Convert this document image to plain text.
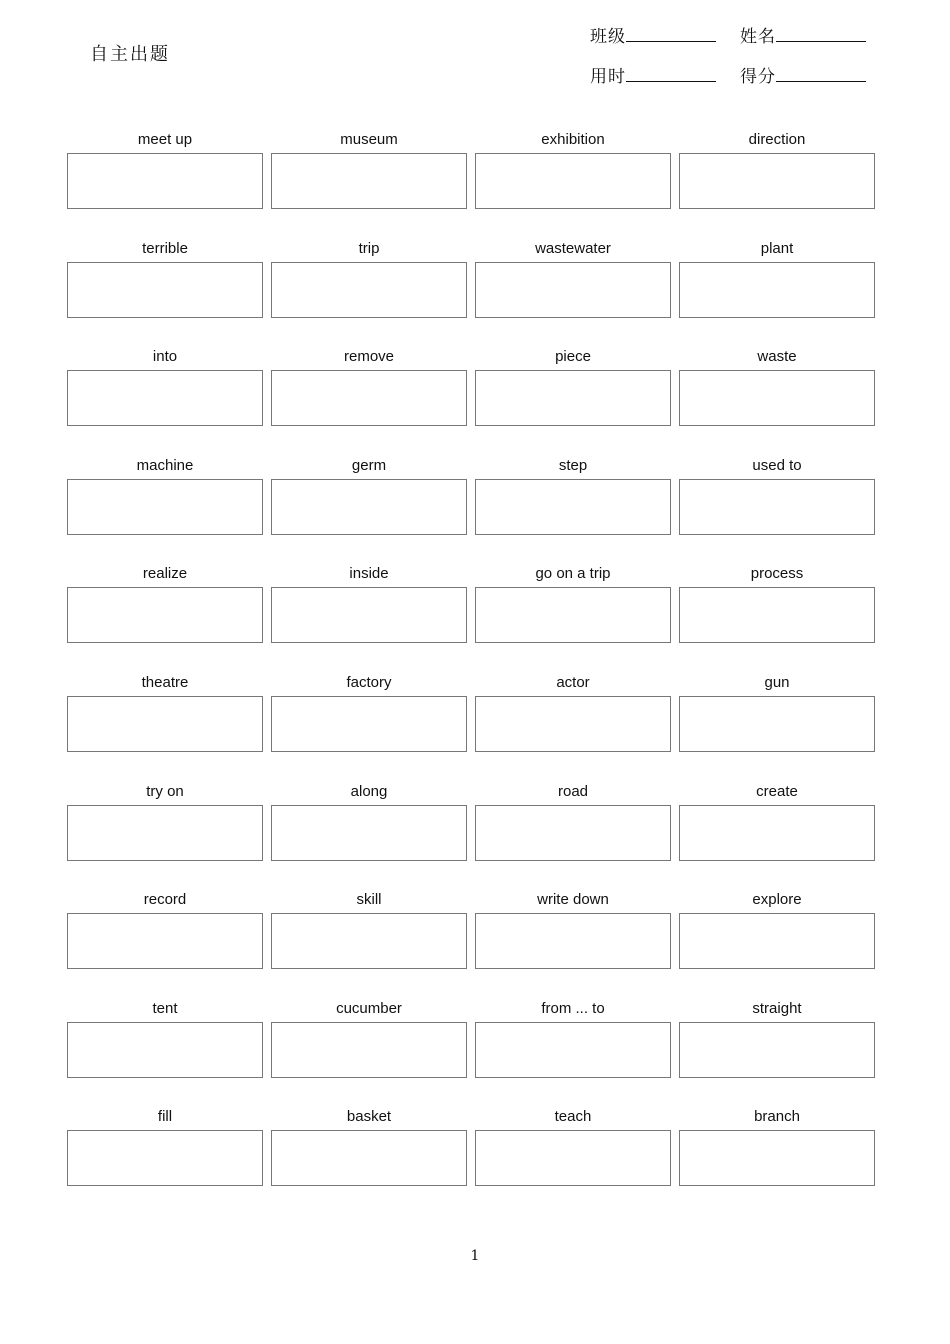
自主出题
班级	姓名
用时	得分
meet up	museum	exhibition	direction
terrible	trip	wastewater	plant
into	remove	piece	waste
machine	germ	step	used to
realize	inside	go on a trip	process
theatre	factory	actor	gun
try on	along	road	create
record	skill	write down	explore
tent	cucumber	from ... to	straight
fill	basket	teach	branch
1
